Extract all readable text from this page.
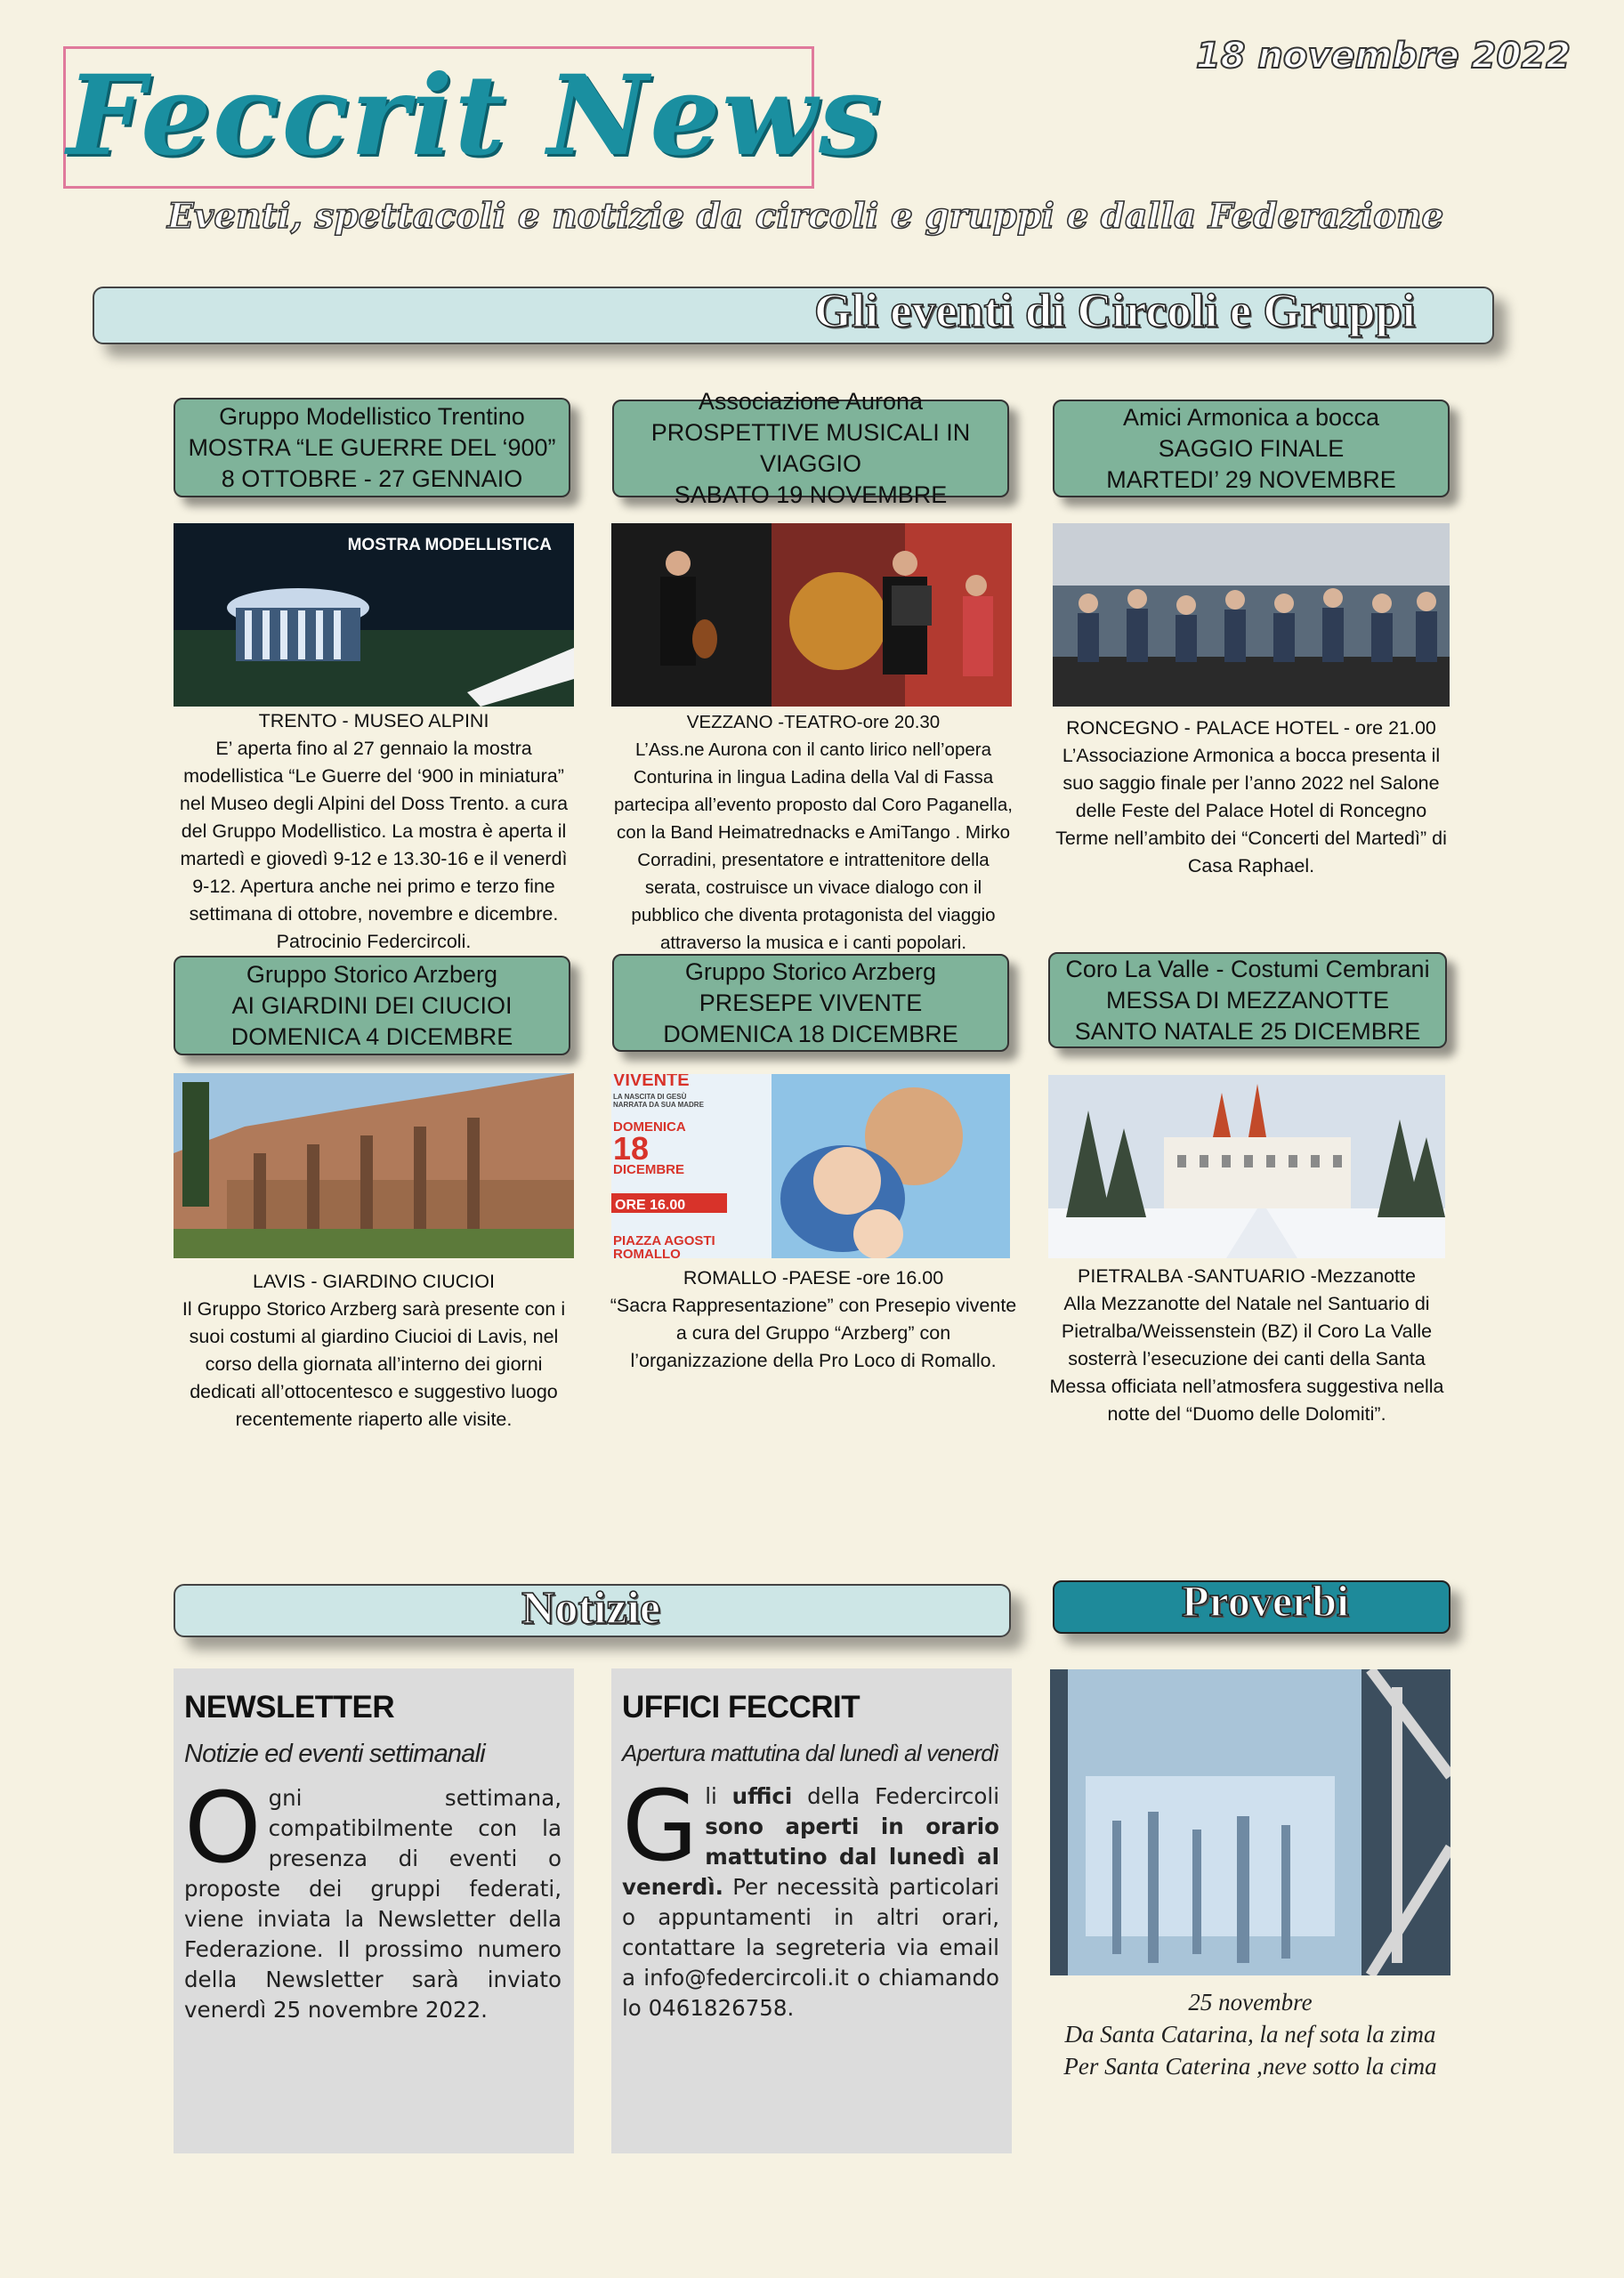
Feccrit News	18 novembre 2022
Eventi, spettacoli e notizie da circoli e gruppi e dalla Federazione
Gli eventi di Circoli e Gruppi
Gruppo Modellistico Trentino
MOSTRA “LE GUERRE DEL ‘900”
8 OTTOBRE - 27 GENNAIO
MOSTRA MODELLISTICA
TRENTO - MUSEO ALPINI
E’ aperta fino al 27 gennaio la mostra modellistica “Le Guerre del ‘900 in miniatura” nel Museo degli Alpini del Doss Trento. a cura del Gruppo Modellistico. La mostra è aperta il martedì e giovedì 9-12 e 13.30-16 e il venerdì 9-12. Apertura anche nei primo e terzo fine settimana di ottobre, novembre e dicembre. Patrocinio Federcircoli.
Associazione Aurona
PROSPETTIVE MUSICALI IN VIAGGIO
SABATO 19 NOVEMBRE
VEZZANO -TEATRO-ore 20.30
L’Ass.ne Aurona con il canto lirico nell’opera Conturina in lingua Ladina della Val di Fassa partecipa all’evento proposto dal Coro Paganella, con la Band Heimatrednacks e AmiTango . Mirko Corradini, presentatore e intrattenitore della serata, costruisce un vivace dialogo con il pubblico che diventa protagonista del viaggio attraverso la musica e i canti popolari.
Amici Armonica a bocca
SAGGIO FINALE
MARTEDI’ 29 NOVEMBRE
RONCEGNO - PALACE HOTEL - ore 21.00
L’Associazione Armonica a bocca presenta il suo saggio finale per l’anno 2022 nel Salone delle Feste del Palace Hotel di Roncegno Terme nell’ambito dei “Concerti del Martedì” di Casa Raphael.
Gruppo Storico Arzberg
AI GIARDINI DEI CIUCIOI
DOMENICA 4 DICEMBRE
LAVIS - GIARDINO CIUCIOI
Il Gruppo Storico Arzberg sarà presente con i suoi costumi al giardino Ciucioi di Lavis, nel corso della giornata all’interno dei giorni dedicati all’ottocentesco e suggestivo luogo recentemente riaperto alle visite.
Gruppo Storico Arzberg
PRESEPE VIVENTE
DOMENICA 18 DICEMBRE
VIVENTE
LA NASCITA DI GESÙ
NARRATA DA SUA MADRE
DOMENICA
18
DICEMBRE
ORE 16.00
PIAZZA AGOSTI
ROMALLO
ROMALLO -PAESE -ore 16.00
“Sacra Rappresentazione” con Presepio vivente a cura del Gruppo “Arzberg” con l’organizzazione della Pro Loco di Romallo.
Coro La Valle - Costumi Cembrani
MESSA DI MEZZANOTTE
SANTO NATALE 25 DICEMBRE
PIETRALBA -SANTUARIO -Mezzanotte
Alla Mezzanotte del Natale nel Santuario di Pietralba/Weissenstein (BZ) il Coro La Valle sosterrà l’esecuzione dei canti della Santa Messa officiata nell’atmosfera suggestiva nella notte del “Duomo delle Dolomiti”.
Notizie	Proverbi
NEWSLETTER
Notizie ed eventi settimanali
Ogni settimana, compatibilmente con la presenza di eventi o proposte dei gruppi federati, viene inviata la Newsletter della Federazione. Il prossimo numero della Newsletter sarà inviato venerdì 25 novembre 2022.
UFFICI FECCRIT
Apertura mattutina dal lunedì al venerdì
Gli uffici della Federcircoli sono aperti in orario mattutino dal lunedì al venerdì. Per necessità particolari o appuntamenti in altri orari, contattare la segreteria via email a info@federcircoli.it o chiamando lo 0461826758.	25 novembre
Da Santa Catarina, la nef sota la zima
Per Santa Caterina ,neve sotto la cima
